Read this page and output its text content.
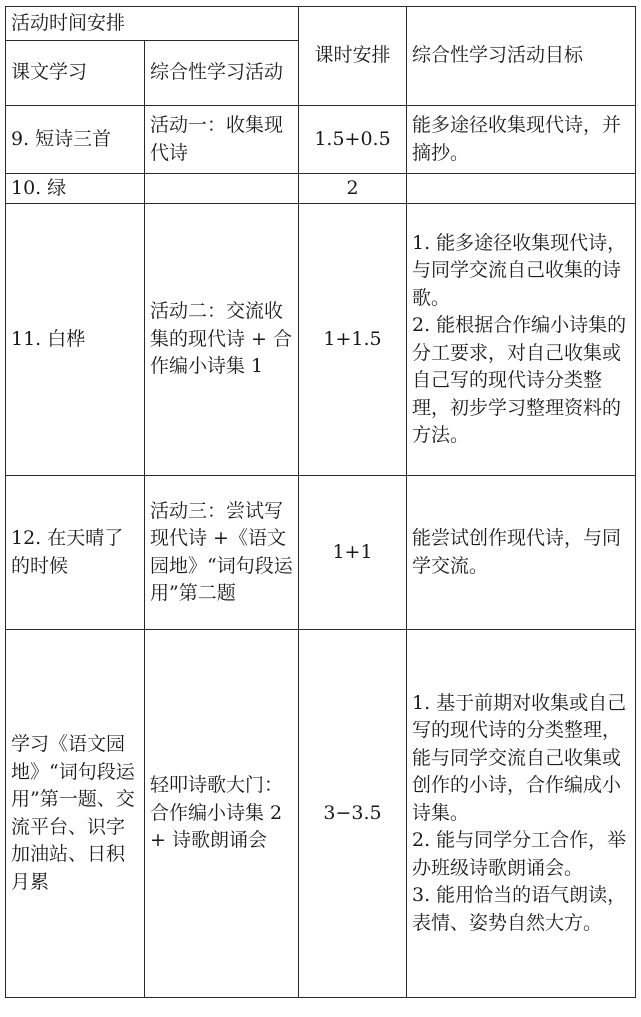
活动时间安排		课时安排	综合性学习活动目标
课文学习	综合性学习活动		
9. 短诗三首	活动一：收集现代诗	1.5+0.5	能多途径收集现代诗，并摘抄。

10. 绿		2	
11. 白桦	活动二：交流收集的现代诗 + 合作编小诗集 1	1+1.5	1. 能多途径收集现代诗，与同学交流自己收集的诗歌。
2. 能根据合作编小诗集的分工要求，对自己收集或自己写的现代诗分类整理，初步学习整理资料的方法。

12. 在天晴了的时候	活动三：尝试写现代诗 +《语文园地》“词句段运用”第二题	1+1	能尝试创作现代诗，与同学交流。

学习《语文园地》“词句段运用”第一题、交流平台、识字加油站、日积月累	轻叩诗歌大门：合作编小诗集 2+ 诗歌朗诵会	3−3.5	1. 基于前期对收集或自己写的现代诗的分类整理，能与同学交流自己收集或创作的小诗，合作编成小诗集。
2. 能与同学分工合作，举办班级诗歌朗诵会。
3. 能用恰当的语气朗读，表情、姿势自然大方。
